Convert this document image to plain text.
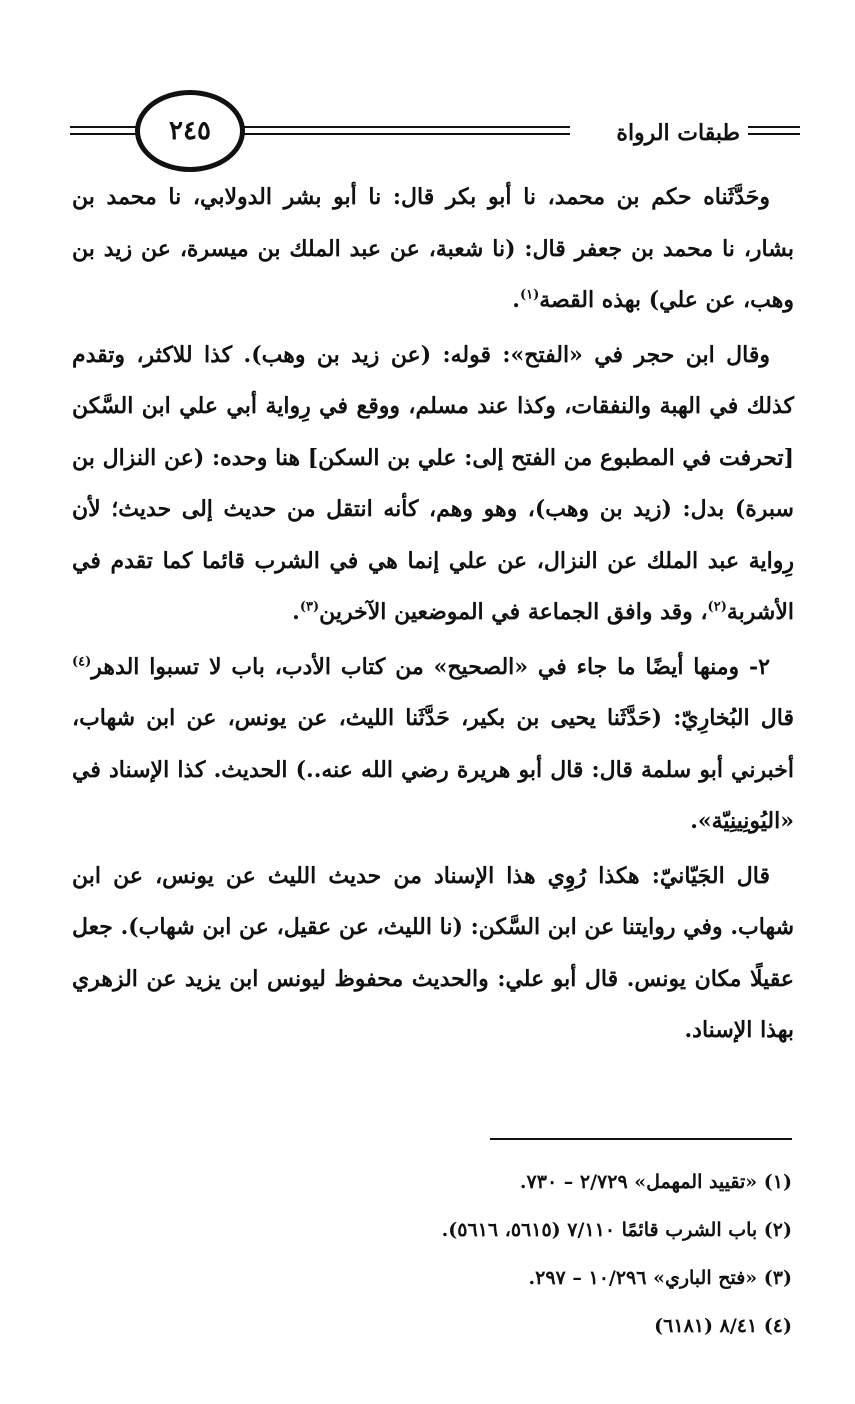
طبقات الرواة
٢٤٥

وحَدَّثَناه حكم بن محمد، نا أبو بكر قال: نا أبو بشر الدولابي، نا محمد بن بشار، نا محمد بن جعفر قال: (نا شعبة، عن عبد الملك بن ميسرة، عن زيد بن وهب، عن علي) بهذه القصة$^{(١)}$.

وقال ابن حجر في «الفتح»: قوله: (عن زيد بن وهب). كذا للاكثر، وتقدم كذلك في الهبة والنفقات، وكذا عند مسلم، ووقع في رِواية أبي علي ابن السَّكن [تحرفت في المطبوع من الفتح إلى: علي بن السكن] هنا وحده: (عن النزال بن سبرة) بدل: (زيد بن وهب)، وهو وهم، كأنه انتقل من حديث إلى حديث؛ لأن رِواية عبد الملك عن النزال، عن علي إنما هي في الشرب قائما كما تقدم في الأشربة$^{(٢)}$، وقد وافق الجماعة في الموضعين الآخرين$^{(٣)}$.

٢- ومنها أيضًا ما جاء في «الصحيح» من كتاب الأدب، باب لا تسبوا الدهر$^{(٤)}$ قال البُخارِيّ: (حَدَّثَنا يحيى بن بكير، حَدَّثَنا الليث، عن يونس، عن ابن شهاب، أخبرني أبو سلمة قال: قال أبو هريرة رضي الله عنه..) الحديث. كذا الإسناد في «اليُونِينِيّة».

قال الجَيّانيّ: هكذا رُوِي هذا الإسناد من حديث الليث عن يونس، عن ابن شهاب. وفي روايتنا عن ابن السَّكن: (نا الليث، عن عقيل، عن ابن شهاب). جعل عقيلًا مكان يونس. قال أبو علي: والحديث محفوظ ليونس ابن يزيد عن الزهري بهذا الإسناد.

(١) «تقييد المهمل» ٢/٧٢٩ – ٧٣٠.
(٢) باب الشرب قائمًا ٧/١١٠ (٥٦١٥، ٥٦١٦).
(٣) «فتح الباري» ١٠/٢٩٦ – ٢٩٧.
(٤) ٨/٤١ (٦١٨١)
